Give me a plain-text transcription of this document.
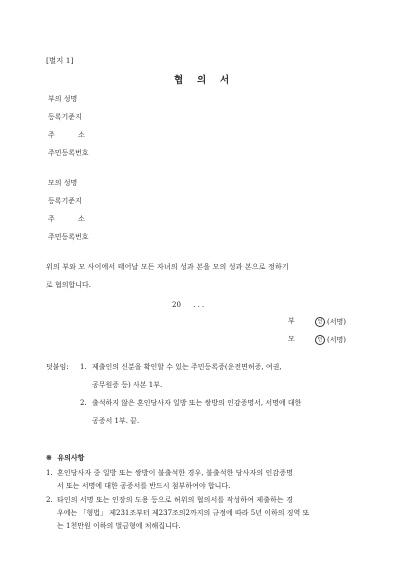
[별지 1]
협 의 서
부의 성명
등록기준지
주	소
주민등록번호
모의 성명
등록기준지
주	소
주민등록번호
위의 부와 모 사이에서 태어날 모든 자녀의 성과 본을 모의 성과 본으로 정하기
로 협의합니다.
20 . . .
부	인 (서명)
모	인 (서명)
덧붙임: 1. 제출인의 신분을 확인할 수 있는 주민등록증(운전면허증, 여권,
공무원증 등) 사본 1부.
2. 출석하지 않은 혼인당사자 일방 또는 쌍방의 인감증명서, 서명에 대한
공증서 1부. 끝.
※ 유의사항
1. 혼인당사자 중 일방 또는 쌍방이 불출석한 경우, 불출석한 당사자의 인감증명
서 또는 서명에 대한 공증서를 반드시 첨부하여야 합니다.
2. 타인의 서명 또는 인장의 도용 등으로 허위의 협의서를 작성하여 제출하는 경
우에는 「형법」 제231조부터 제237조의2까지의 규정에 따라 5년 이하의 징역 또
는 1천만원 이하의 벌금형에 처해집니다.
